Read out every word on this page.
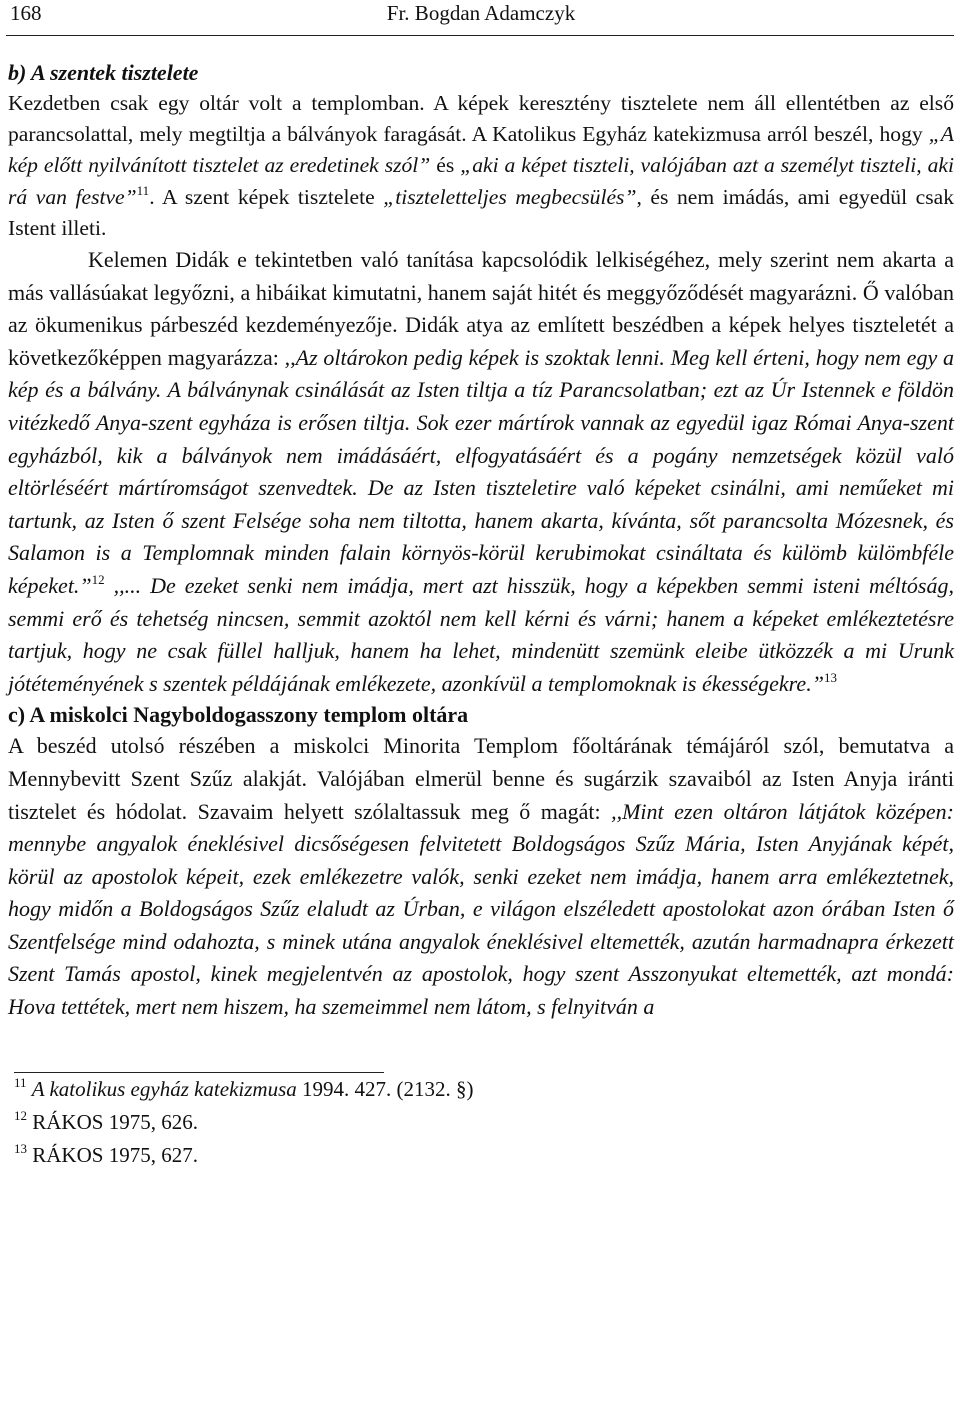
168	Fr. Bogdan Adamczyk
b) A szentek tisztelete

Kezdetben csak egy oltár volt a templomban. A képek keresztény tisztelete nem áll ellentétben az első parancsolattal, mely megtiltja a bálványok faragását. A Katolikus Egyház katekizmusa arról beszél, hogy „A kép előtt nyilvánított tisztelet az eredetinek szól” és „aki a képet tiszteli, valójában azt a személyt tiszteli, aki rá van festve”$^{11}$. A szent képek tisztelete „tiszteletteljes megbecsülés”, és nem imádás, ami egyedül csak Istent illeti.

Kelemen Didák e tekintetben való tanítása kapcsolódik lelkiségéhez, mely szerint nem akarta a más vallásúakat legyőzni, a hibáikat kimutatni, hanem saját hitét és meggyőződését magyarázni. Ő valóban az ökumenikus párbeszéd kezdeményezője. Didák atya az említett beszédben a képek helyes tiszteletét a következőképpen magyarázza: ,,Az oltárokon pedig képek is szoktak lenni. Meg kell érteni, hogy nem egy a kép és a bálvány. A bálványnak csinálását az Isten tiltja a tíz Parancsolatban; ezt az Úr Istennek e földön vitézkedő Anya-szent egyháza is erősen tiltja. Sok ezer mártírok vannak az egyedül igaz Római Anya-szent egyházból, kik a bálványok nem imádásáért, elfogyatásáért és a pogány nemzetségek közül való eltörléséért mártíromságot szenvedtek. De az Isten tiszteletire való képeket csinálni, ami neműeket mi tartunk, az Isten ő szent Felsége soha nem tiltotta, hanem akarta, kívánta, sőt parancsolta Mózesnek, és Salamon is a Templomnak minden falain környös-körül kerubimokat csináltata és külömb külömbféle képeket.”$^{12}$ ,,... De ezeket senki nem imádja, mert azt hisszük, hogy a képekben semmi isteni méltóság, semmi erő és tehetség nincsen, semmit azoktól nem kell kérni és várni; hanem a képeket emlékeztetésre tartjuk, hogy ne csak füllel halljuk, hanem ha lehet, mindenütt szemünk eleibe ütközzék a mi Urunk jótéteményének s szentek példájának emlékezete, azonkívül a templomoknak is ékességekre.”$^{13}$

c) A miskolci Nagyboldogasszony templom oltára

A beszéd utolsó részében a miskolci Minorita Templom főoltárának témájáról szól, bemutatva a Mennybevitt Szent Szűz alakját. Valójában elmerül benne és sugárzik szavaiból az Isten Anyja iránti tisztelet és hódolat. Szavaim helyett szólaltassuk meg ő magát: ,,Mint ezen oltáron látjátok középen: mennybe angyalok éneklésivel dicsőségesen felvitetett Boldogságos Szűz Mária, Isten Anyjának képét, körül az apostolok képeit, ezek emlékezetre valók, senki ezeket nem imádja, hanem arra emlékeztetnek, hogy midőn a Boldogságos Szűz elaludt az Úrban, e világon elszéledett apostolokat azon órában Isten ő Szentfelsége mind odahozta, s minek utána angyalok éneklésivel eltemették, azután harmadnapra érkezett Szent Tamás apostol, kinek megjelentvén az apostolok, hogy szent Asszonyukat eltemették, azt mondá: Hova tettétek, mert nem hiszem, ha szemeimmel nem látom, s felnyitván a

$^{11}$ A katolikus egyház katekizmusa 1994. 427. (2132. §)
$^{12}$ RÁKOS 1975, 626.
$^{13}$ RÁKOS 1975, 627.
